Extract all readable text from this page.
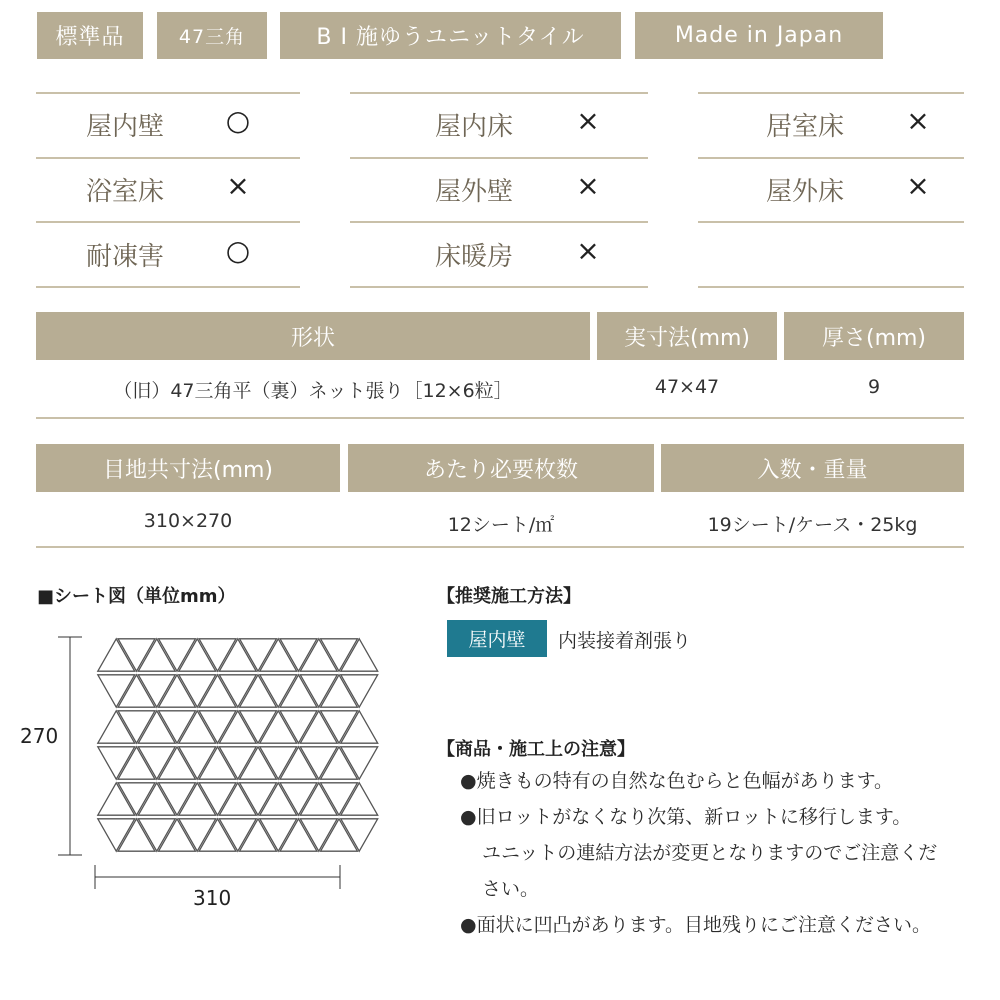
標準品	47三角	B I 施ゆうユニットタイル	Made in Japan
屋内壁	○	屋内床	×	居室床	×
浴室床	×	屋外壁	×	屋外床	×
耐凍害	○	床暖房	×
形状	実寸法(mm)	厚さ(mm)
（旧）47三角平（裏）ネット張り［12×6粒］	47×47	9
目地共寸法(mm)	あたり必要枚数	入数・重量
310×270	12シート/㎡	19シート/ケース・25kg
■シート図（単位mm）
270
310
【推奨施工方法】
屋内壁	内装接着剤張り
【商品・施工上の注意】
●焼きもの特有の自然な色むらと色幅があります。
●旧ロットがなくなり次第、新ロットに移行します。
ユニットの連結方法が変更となりますのでご注意くだ
さい。
●面状に凹凸があります。目地残りにご注意ください。
